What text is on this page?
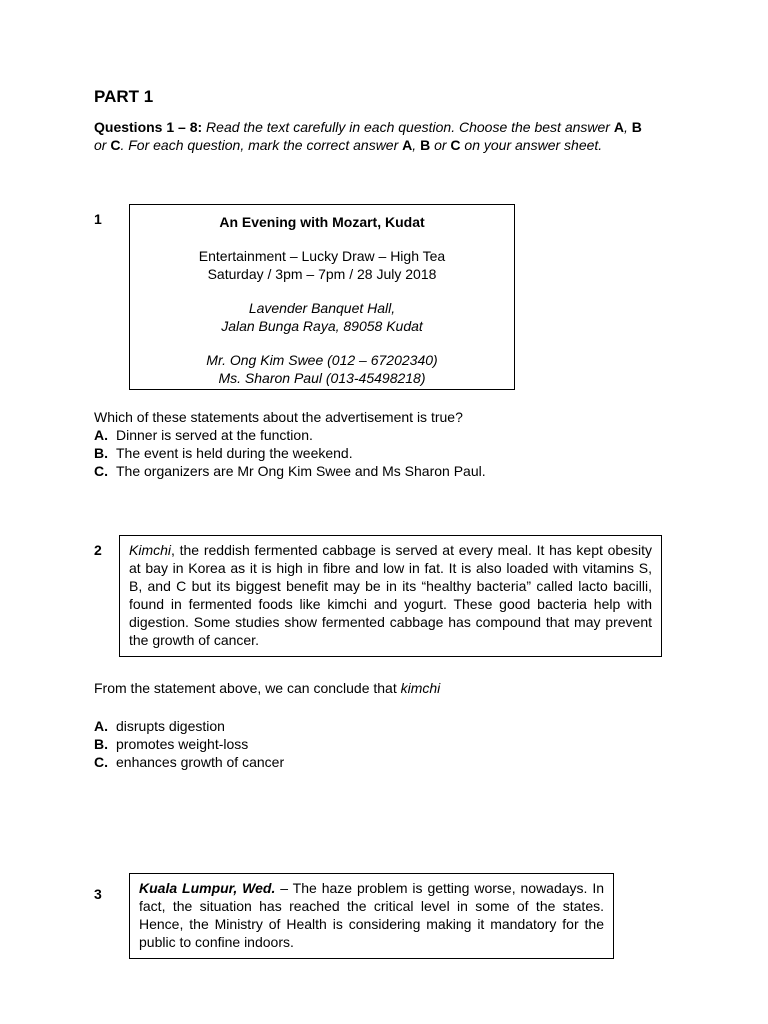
PART 1
Questions 1 – 8: Read the text carefully in each question. Choose the best answer A, B or C. For each question, mark the correct answer A, B or C on your answer sheet.
1	An Evening with Mozart, Kudat

Entertainment – Lucky Draw – High Tea

Saturday / 3pm – 7pm / 28 July 2018

Lavender Banquet Hall,

Jalan Bunga Raya, 89058 Kudat

Mr. Ong Kim Swee (012 – 67202340)

Ms. Sharon Paul (013-45498218)

Which of these statements about the advertisement is true?
A. Dinner is served at the function.
B. The event is held during the weekend.
C. The organizers are Mr Ong Kim Swee and Ms Sharon Paul.
2	Kimchi, the reddish fermented cabbage is served at every meal. It has kept obesity at bay in Korea as it is high in fibre and low in fat. It is also loaded with vitamins S, B, and C but its biggest benefit may be in its “healthy bacteria” called lacto bacilli, found in fermented foods like kimchi and yogurt. These good bacteria help with digestion. Some studies show fermented cabbage has compound that may prevent the growth of cancer.
From the statement above, we can conclude that kimchi
A. disrupts digestion
B. promotes weight-loss
C. enhances growth of cancer
3	Kuala Lumpur, Wed. – The haze problem is getting worse, nowadays. In fact, the situation has reached the critical level in some of the states. Hence, the Ministry of Health is considering making it mandatory for the public to confine indoors.
